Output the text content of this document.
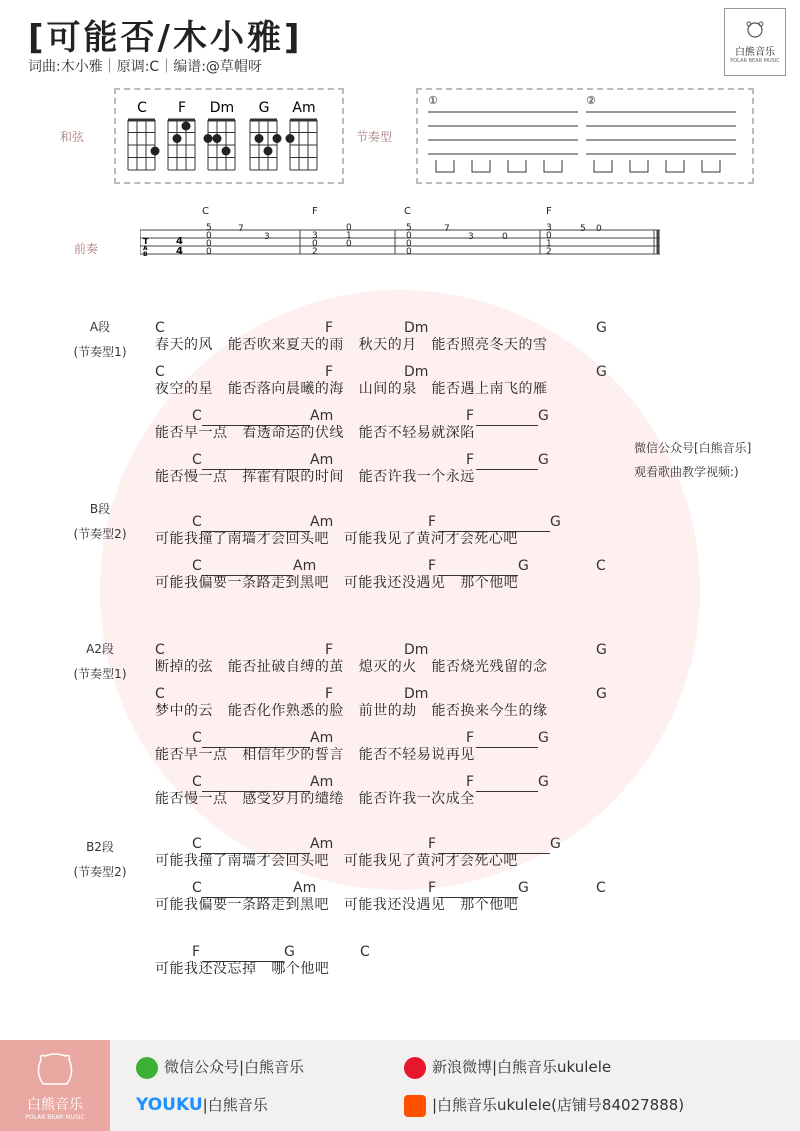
[可能否/木小雅]
词曲:木小雅｜原调:C｜编谱:@草帽呀
白熊音乐
POLAR BEAR MUSIC
和弦
C F Dm G Am
节奏型
①	②
前奏
C	F	C	F
T
A
B
4
4
5
0
0
0
7
3	3
0
2
0
1
0
5
0
0
0
7
3	0
3
0
1
2
5 0
A段
(节奏型1)
B段
(节奏型2)
A2段
(节奏型1)
B2段
(节奏型2)
C	F	Dm	G
春天的风   能否吹来夏天的雨   秋天的月   能否照亮冬天的雪
C	F	Dm	G
夜空的星   能否落向晨曦的海   山间的泉   能否遇上南飞的雁
C	Am	F	G
能否早一点   看透命运的伏线   能否不轻易就深陷
C	Am	F	G
能否慢一点   挥霍有限的时间   能否许我一个永远
C	Am	F	G
可能我撞了南墙才会回头吧   可能我见了黄河才会死心吧
C	Am	F	G	C
可能我偏要一条路走到黑吧   可能我还没遇见   那个他吧
C	F	Dm	G
断掉的弦   能否扯破自缚的茧   熄灭的火   能否烧光残留的念
C	F	Dm	G
梦中的云   能否化作熟悉的脸   前世的劫   能否换来今生的缘
C	Am	F	G
能否早一点   相信年少的誓言   能否不轻易说再见
C	Am	F	G
能否慢一点   感受岁月的缱绻   能否许我一次成全
C	Am	F	G
可能我撞了南墙才会回头吧   可能我见了黄河才会死心吧
C	Am	F	G	C
可能我偏要一条路走到黑吧   可能我还没遇见   那个他吧
F	G	C
可能我还没忘掉   哪个他吧
微信公众号[白熊音乐]
观看歌曲教学视频:)
白熊音乐
POLAR BEAR MUSIC
微信公众号|白熊音乐	新浪微博|白熊音乐ukulele
YOUKU|白熊音乐	|白熊音乐ukulele(店铺号84027888)
